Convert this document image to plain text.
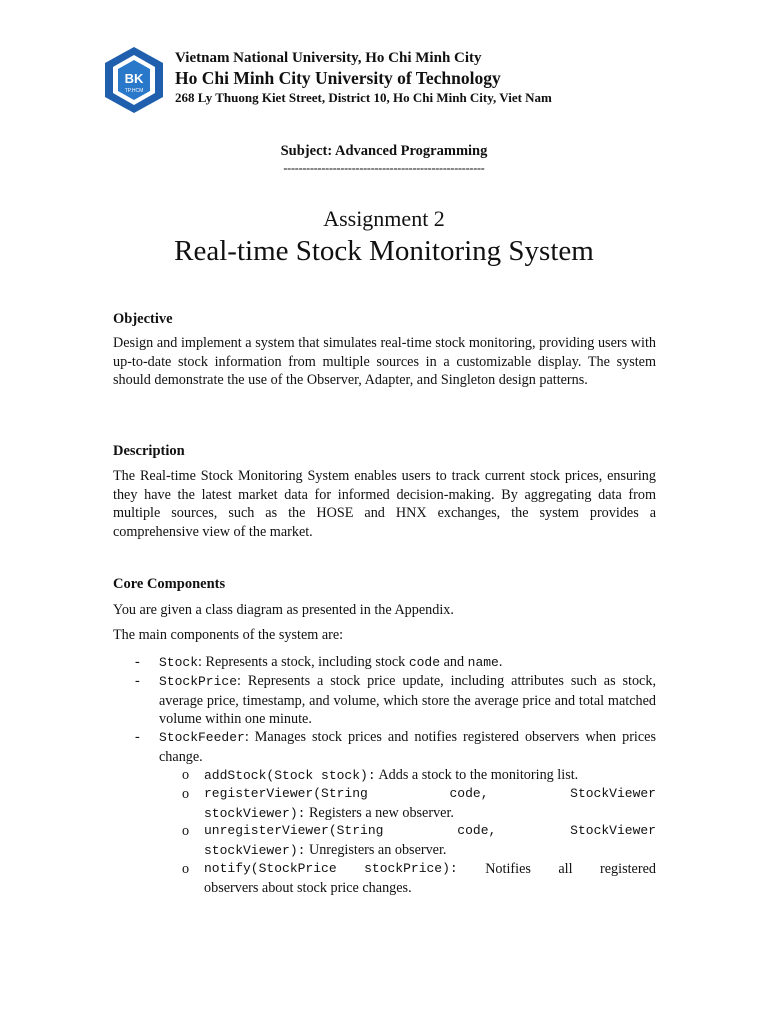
BK
TP.HCM
Vietnam National University, Ho Chi Minh City
Ho Chi Minh City University of Technology
268 Ly Thuong Kiet Street, District 10, Ho Chi Minh City, Viet Nam
Subject: Advanced Programming
-----------------------------------------------------
Assignment 2
Real-time Stock Monitoring System
Objective
Design and implement a system that simulates real-time stock monitoring, providing users with up-to-date stock information from multiple sources in a customizable display. The system should demonstrate the use of the Observer, Adapter, and Singleton design patterns.
Description
The Real-time Stock Monitoring System enables users to track current stock prices, ensuring they have the latest market data for informed decision-making. By aggregating data from multiple sources, such as the HOSE and HNX exchanges, the system provides a comprehensive view of the market.
Core Components
You are given a class diagram as presented in the Appendix.
The main components of the system are:
- Stock: Represents a stock, including stock code and name.
- StockPrice: Represents a stock price update, including attributes such as stock, average price, timestamp, and volume, which store the average price and total matched volume within one minute.
- StockFeeder: Manages stock prices and notifies registered observers when prices change.
o addStock(Stock stock): Adds a stock to the monitoring list.
o registerViewer(String	code,	StockViewer
stockViewer): Registers a new observer.
o unregisterViewer(String	code,	StockViewer
stockViewer): Unregisters an observer.
o notify(StockPrice stockPrice): Notifies all registered
observers about stock price changes.
